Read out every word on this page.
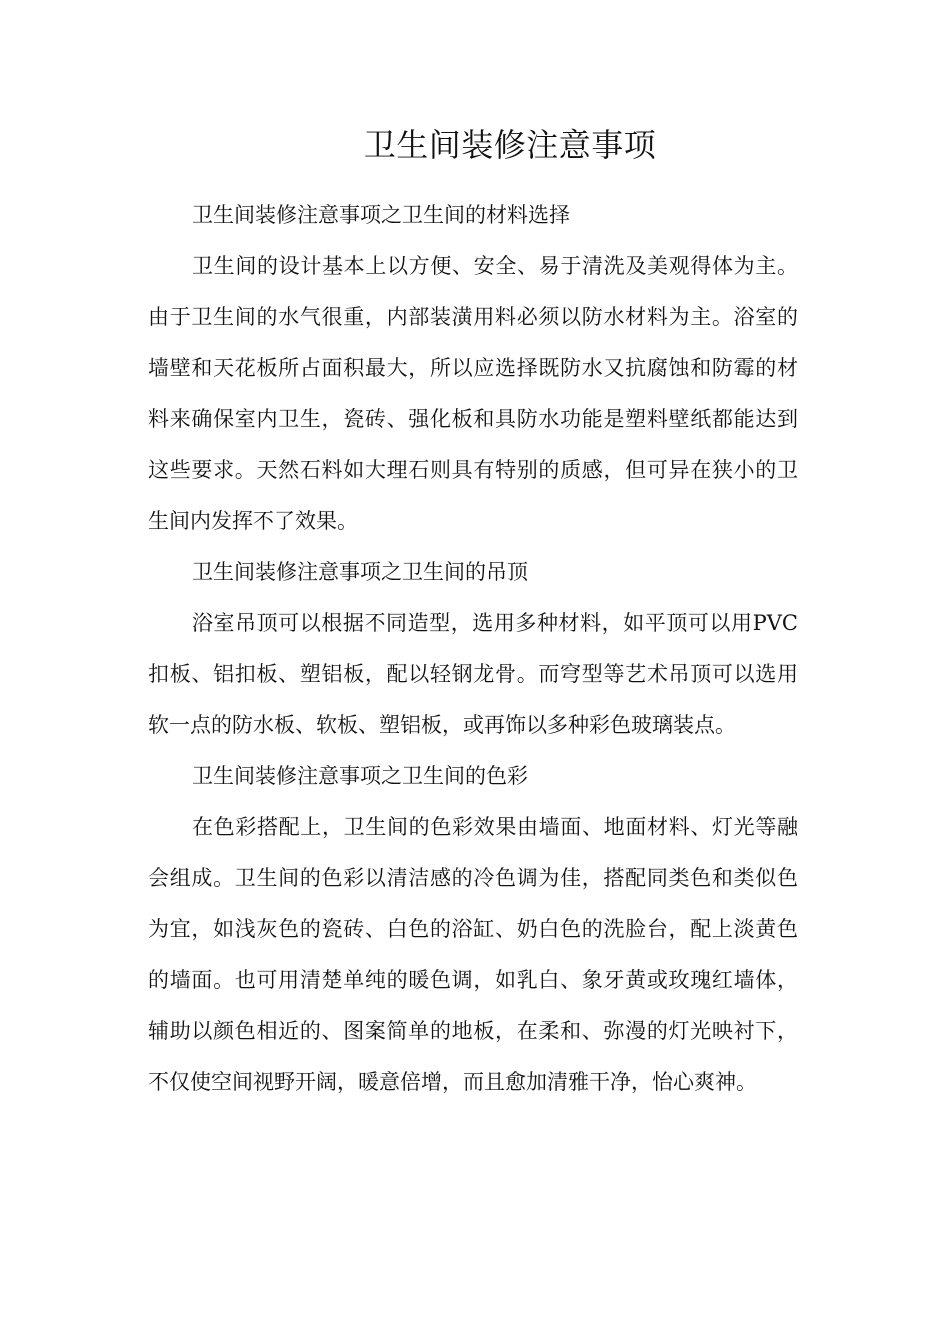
卫生间装修注意事项

卫生间装修注意事项之卫生间的材料选择

卫生间的设计基本上以方便、安全、易于清洗及美观得体为主。由于卫生间的水气很重，内部装潢用料必须以防水材料为主。浴室的墙壁和天花板所占面积最大，所以应选择既防水又抗腐蚀和防霉的材料来确保室内卫生，瓷砖、强化板和具防水功能是塑料壁纸都能达到这些要求。天然石料如大理石则具有特别的质感，但可异在狭小的卫生间内发挥不了效果。

卫生间装修注意事项之卫生间的吊顶

浴室吊顶可以根据不同造型，选用多种材料，如平顶可以用PVC扣板、铝扣板、塑铝板，配以轻钢龙骨。而穹型等艺术吊顶可以选用软一点的防水板、软板、塑铝板，或再饰以多种彩色玻璃装点。

卫生间装修注意事项之卫生间的色彩

在色彩搭配上，卫生间的色彩效果由墙面、地面材料、灯光等融会组成。卫生间的色彩以清洁感的冷色调为佳，搭配同类色和类似色为宜，如浅灰色的瓷砖、白色的浴缸、奶白色的洗脸台，配上淡黄色的墙面。也可用清楚单纯的暖色调，如乳白、象牙黄或玫瑰红墙体，辅助以颜色相近的、图案简单的地板，在柔和、弥漫的灯光映衬下，不仅使空间视野开阔，暖意倍增，而且愈加清雅干净，怡心爽神。
